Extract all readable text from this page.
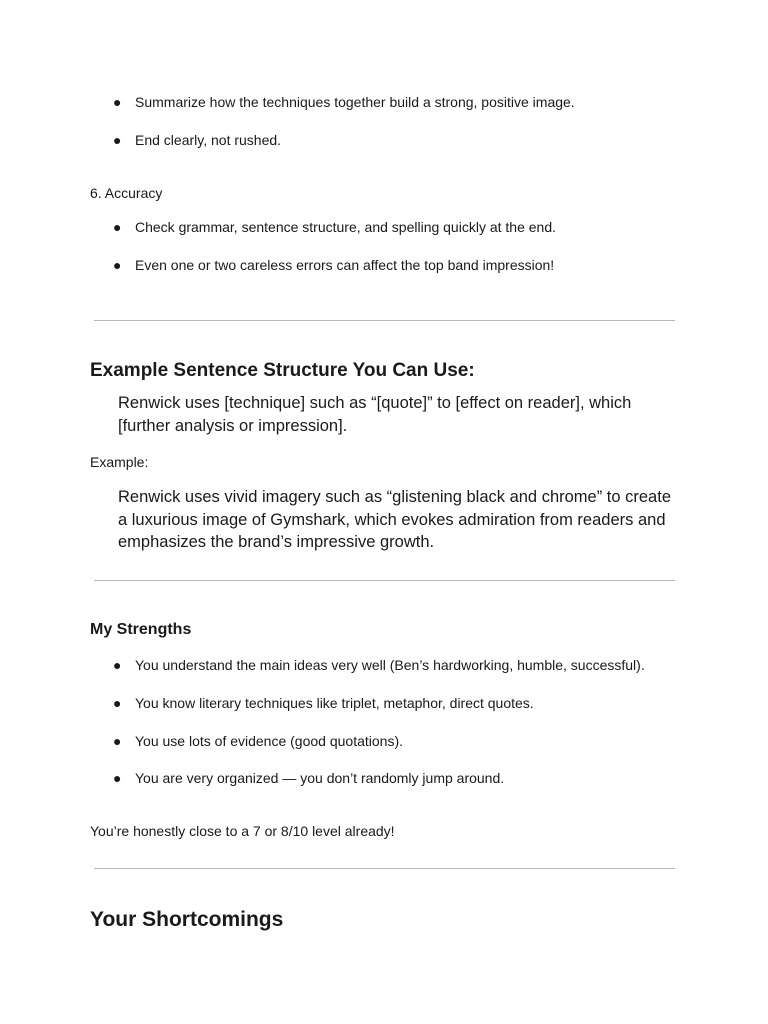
● Summarize how the techniques together build a strong, positive image.
● End clearly, not rushed.

6. Accuracy

● Check grammar, sentence structure, and spelling quickly at the end.
● Even one or two careless errors can affect the top band impression!
Example Sentence Structure You Can Use:

Renwick uses [technique] such as “[quote]” to [effect on reader], which [further analysis or impression].

Example:

Renwick uses vivid imagery such as “glistening black and chrome” to create a luxurious image of Gymshark, which evokes admiration from readers and emphasizes the brand’s impressive growth.

My Strengths
● You understand the main ideas very well (Ben’s hardworking, humble, successful).
● You know literary techniques like triplet, metaphor, direct quotes.
● You use lots of evidence (good quotations).
● You are very organized — you don’t randomly jump around.

You’re honestly close to a 7 or 8/10 level already!

Your Shortcomings
